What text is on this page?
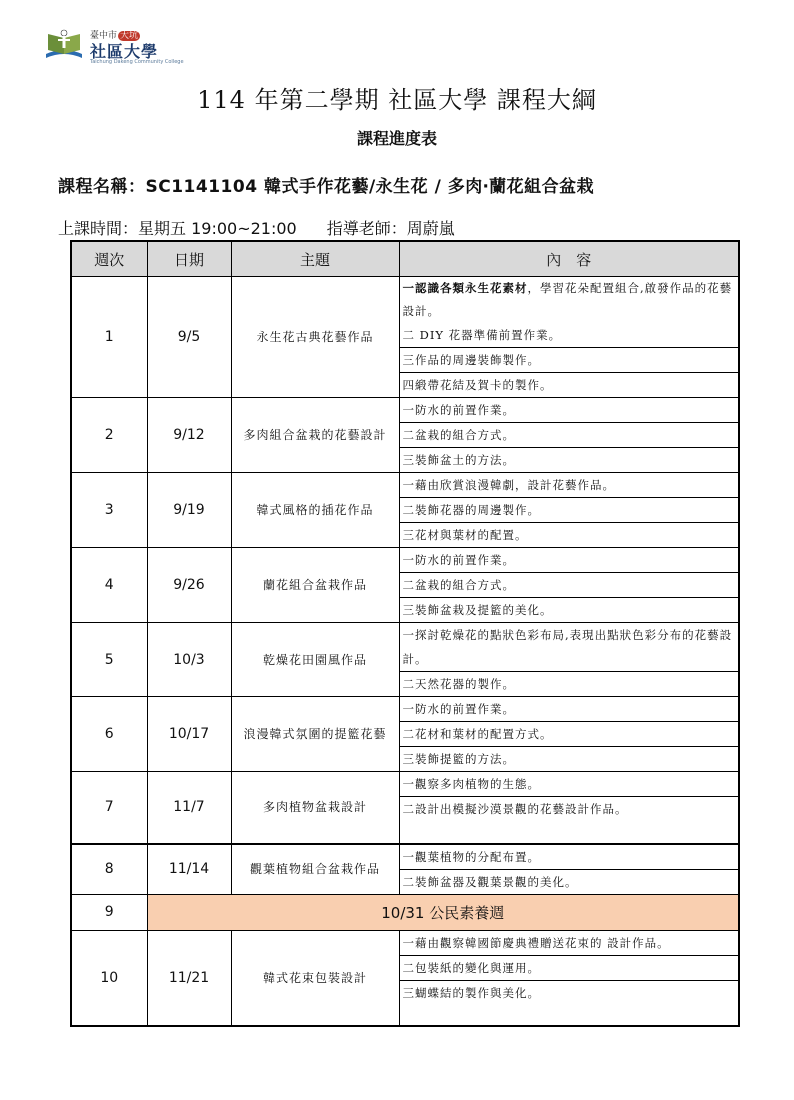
臺中市 大坑
社區大學
Taichung Dakeng Community College
114 年第二學期 社區大學 課程大綱
課程進度表
課程名稱：SC1141104 韓式手作花藝/永生花 / 多肉‧蘭花組合盆栽
上課時間：星期五 19:00~21:00 指導老師：周蔚嵐
週次	日期	主題	內　容
1	9/5	永生花古典花藝作品	一認識各類永生花素材，學習花朵配置組合,啟發作品的花藝設計。
二 DIY 花器準備前置作業。
三作品的周邊裝飾製作。
四緞帶花結及賀卡的製作。

2	9/12	多肉組合盆栽的花藝設計	一防水的前置作業。
二盆栽的組合方式。
三裝飾盆土的方法。

3	9/19	韓式風格的插花作品	一藉由欣賞浪漫韓劇，設計花藝作品。
二裝飾花器的周邊製作。
三花材與葉材的配置。

4	9/26	蘭花組合盆栽作品	一防水的前置作業。
二盆栽的組合方式。
三裝飾盆栽及提籃的美化。

5	10/3	乾燥花田園風作品	一探討乾燥花的點狀色彩布局,表現出點狀色彩分布的花藝設計。
二天然花器的製作。

6	10/17	浪漫韓式氛圍的提籃花藝	一防水的前置作業。
二花材和葉材的配置方式。
三裝飾提籃的方法。

7	11/7	多肉植物盆栽設計	一觀察多肉植物的生態。
二設計出模擬沙漠景觀的花藝設計作品。

8	11/14	觀葉植物組合盆栽作品	一觀葉植物的分配布置。
二裝飾盆器及觀葉景觀的美化。

9	10/31 公民素養週		
10	11/21	韓式花束包裝設計	一藉由觀察韓國節慶典禮贈送花束的 設計作品。
二包裝紙的變化與運用。
三蝴蝶結的製作與美化。
